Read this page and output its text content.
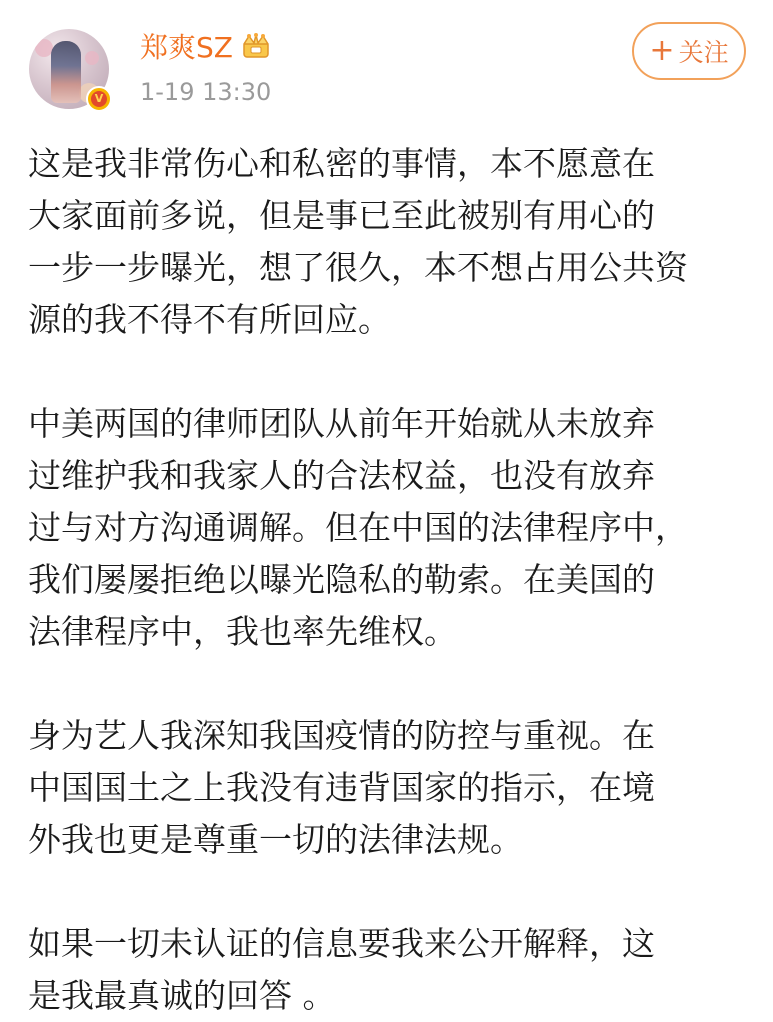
V
郑爽SZ
1-19 13:30
+ 关注

这是我非常伤心和私密的事情，本不愿意在
大家面前多说，但是事已至此被别有用心的
一步一步曝光，想了很久，本不想占用公共资
源的我不得不有所回应。

中美两国的律师团队从前年开始就从未放弃
过维护我和我家人的合法权益，也没有放弃
过与对方沟通调解。但在中国的法律程序中，
我们屡屡拒绝以曝光隐私的勒索。在美国的
法律程序中，我也率先维权。

身为艺人我深知我国疫情的防控与重视。在
中国国土之上我没有违背国家的指示，在境
外我也更是尊重一切的法律法规。

如果一切未认证的信息要我来公开解释，这
是我最真诚的回答 。
